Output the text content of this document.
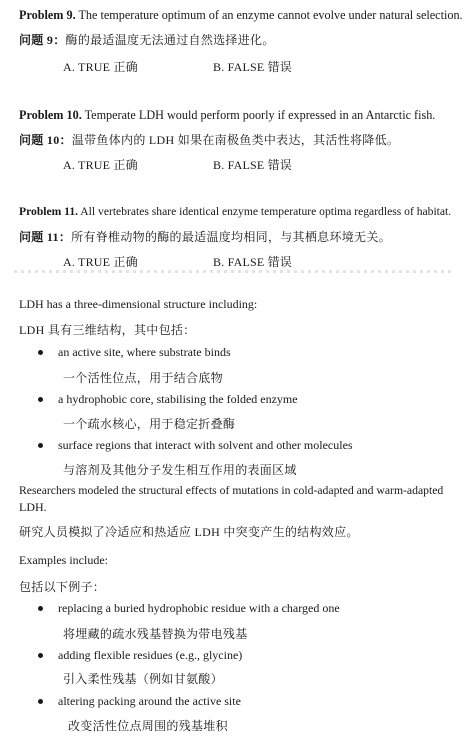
Problem 9. The temperature optimum of an enzyme cannot evolve under natural selection.
问题 9：酶的最适温度无法通过自然选择进化。
A. TRUE 正确	B. FALSE 错误
Problem 10. Temperate LDH would perform poorly if expressed in an Antarctic fish.
问题 10：温带鱼体内的 LDH 如果在南极鱼类中表达，其活性将降低。
A. TRUE 正确	B. FALSE 错误
Problem 11. All vertebrates share identical enzyme temperature optima regardless of habitat.
问题 11：所有脊椎动物的酶的最适温度均相同，与其栖息环境无关。
A. TRUE 正确	B. FALSE 错误
LDH has a three-dimensional structure including:
LDH 具有三维结构，其中包括：
an active site, where substrate binds
一个活性位点，用于结合底物
a hydrophobic core, stabilising the folded enzyme
一个疏水核心，用于稳定折叠酶
surface regions that interact with solvent and other molecules
与溶剂及其他分子发生相互作用的表面区域
Researchers modeled the structural effects of mutations in cold-adapted and warm-adapted
LDH.
研究人员模拟了冷适应和热适应 LDH 中突变产生的结构效应。
Examples include:
包括以下例子：
replacing a buried hydrophobic residue with a charged one
将埋藏的疏水残基替换为带电残基
adding flexible residues (e.g., glycine)
引入柔性残基（例如甘氨酸）
altering packing around the active site
改变活性位点周围的残基堆积
